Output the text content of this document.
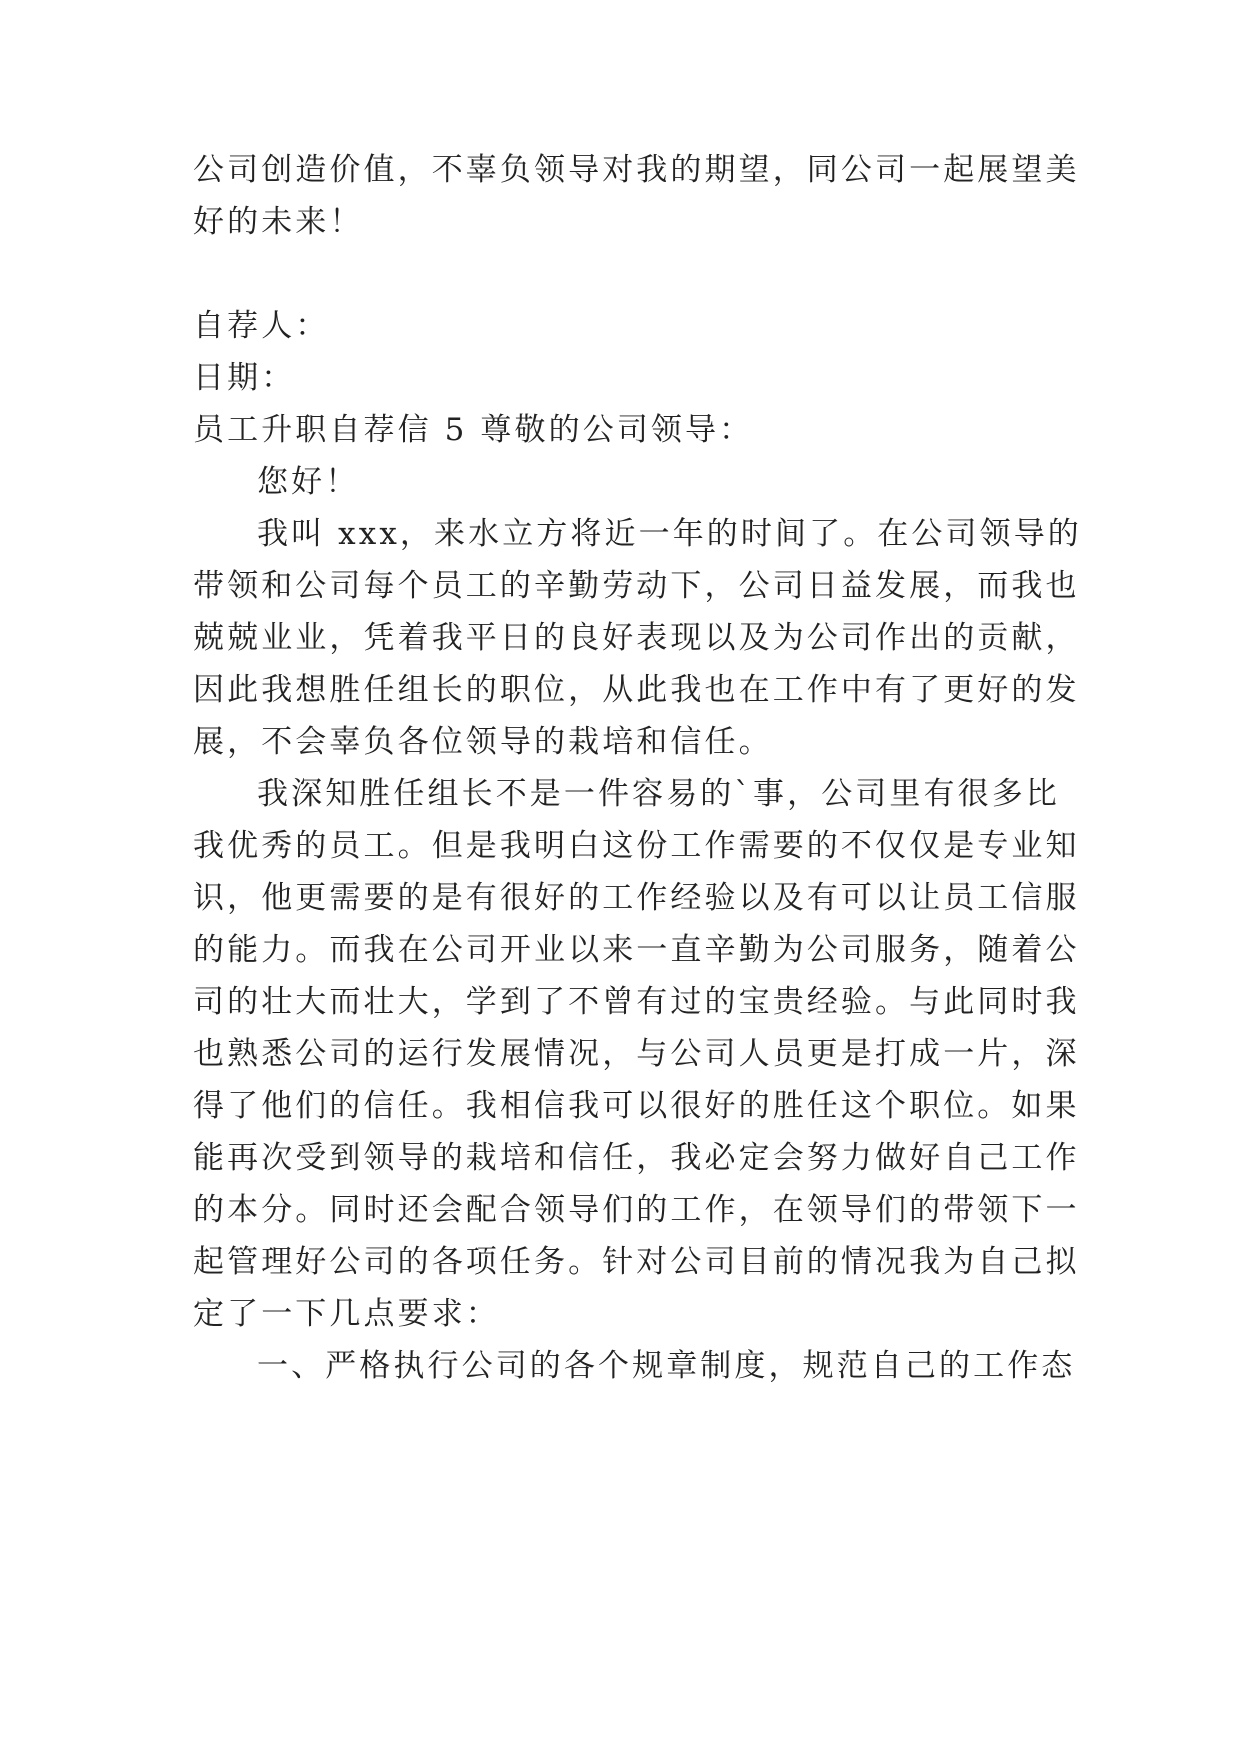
公司创造价值，不辜负领导对我的期望，同公司一起展望美

好的未来！

自荐人：

日期：

员工升职自荐信 5 尊敬的公司领导：

您好！

我叫 xxx，来水立方将近一年的时间了。在公司领导的

带领和公司每个员工的辛勤劳动下，公司日益发展，而我也

兢兢业业，凭着我平日的良好表现以及为公司作出的贡献，

因此我想胜任组长的职位，从此我也在工作中有了更好的发

展，不会辜负各位领导的栽培和信任。

我深知胜任组长不是一件容易的`事，公司里有很多比

我优秀的员工。但是我明白这份工作需要的不仅仅是专业知

识，他更需要的是有很好的工作经验以及有可以让员工信服

的能力。而我在公司开业以来一直辛勤为公司服务，随着公

司的壮大而壮大，学到了不曾有过的宝贵经验。与此同时我

也熟悉公司的运行发展情况，与公司人员更是打成一片，深

得了他们的信任。我相信我可以很好的胜任这个职位。如果

能再次受到领导的栽培和信任，我必定会努力做好自己工作

的本分。同时还会配合领导们的工作，在领导们的带领下一

起管理好公司的各项任务。针对公司目前的情况我为自己拟

定了一下几点要求：

一、严格执行公司的各个规章制度，规范自己的工作态
